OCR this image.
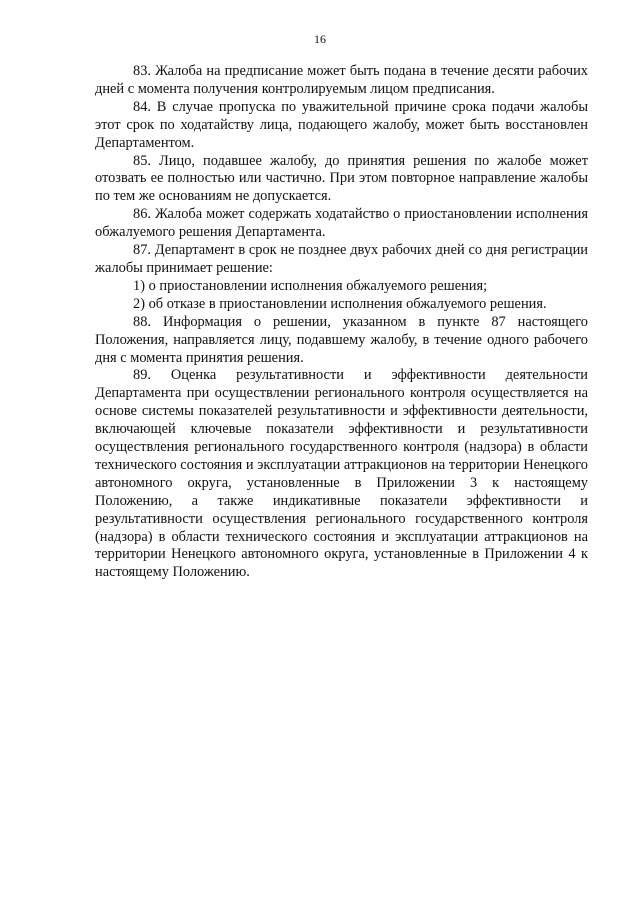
16

83. Жалоба на предписание может быть подана в течение десяти рабочих дней с момента получения контролируемым лицом предписания.

84. В случае пропуска по уважительной причине срока подачи жалобы этот срок по ходатайству лица, подающего жалобу, может быть восстановлен Департаментом.

85. Лицо, подавшее жалобу, до принятия решения по жалобе может отозвать ее полностью или частично. При этом повторное направление жалобы по тем же основаниям не допускается.

86. Жалоба может содержать ходатайство о приостановлении исполнения обжалуемого решения Департамента.

87. Департамент в срок не позднее двух рабочих дней со дня регистрации жалобы принимает решение:

1) о приостановлении исполнения обжалуемого решения;

2) об отказе в приостановлении исполнения обжалуемого решения.

88. Информация о решении, указанном в пункте 87 настоящего Положения, направляется лицу, подавшему жалобу, в течение одного рабочего дня с момента принятия решения.

89. Оценка результативности и эффективности деятельности Департамента при осуществлении регионального контроля осуществляется на основе системы показателей результативности и эффективности деятельности, включающей ключевые показатели эффективности и результативности осуществления регионального государственного контроля (надзора) в области технического состояния и эксплуатации аттракционов на территории Ненецкого автономного округа, установленные в Приложении 3 к настоящему Положению, а также индикативные показатели эффективности и результативности осуществления регионального государственного контроля (надзора) в области технического состояния и эксплуатации аттракционов на территории Ненецкого автономного округа, установленные в Приложении 4 к настоящему Положению.
